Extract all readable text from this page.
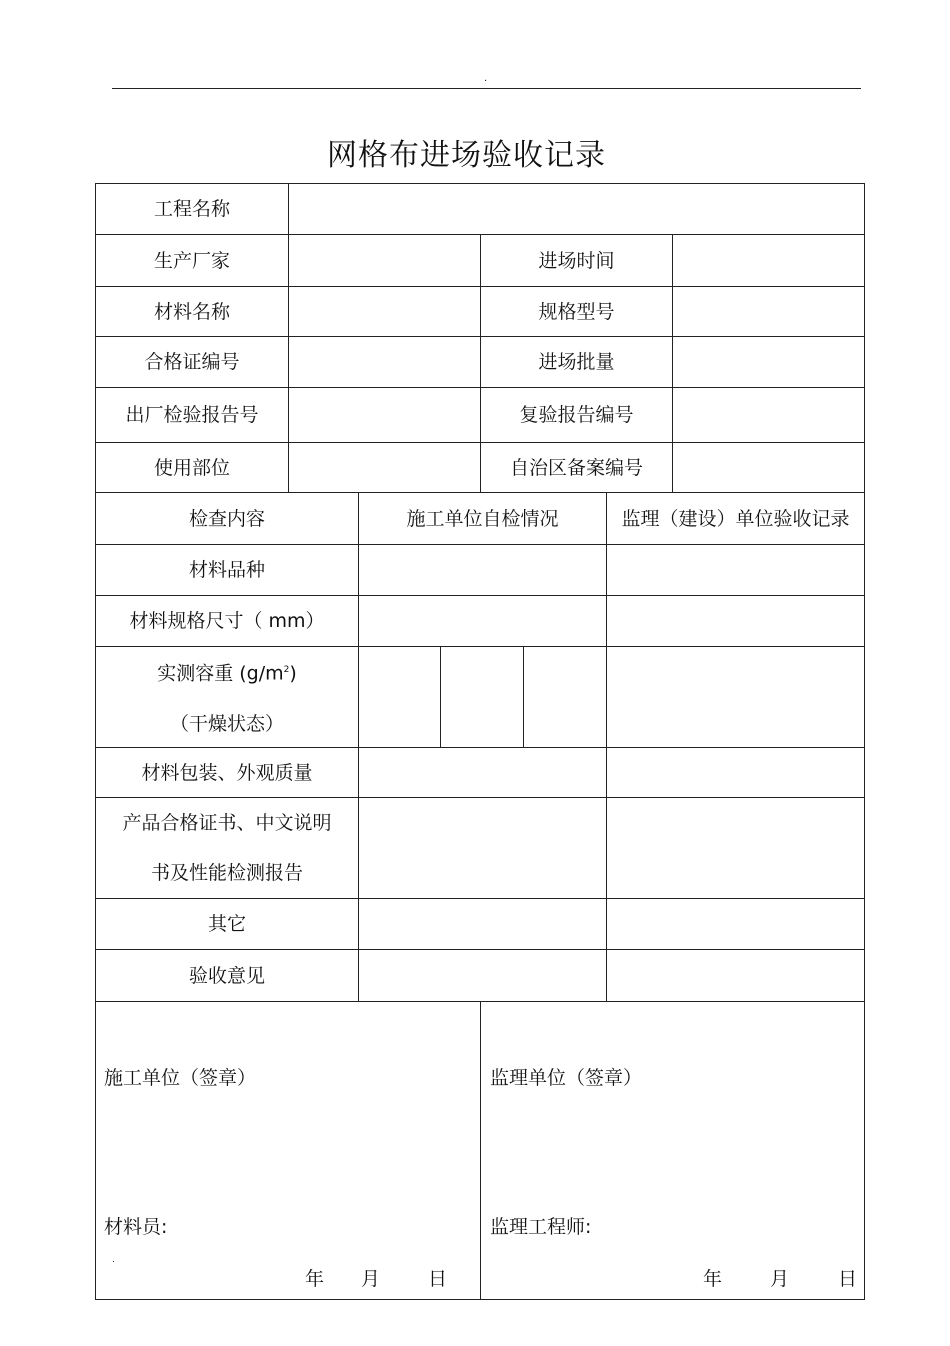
.
网格布进场验收记录
工程名称
生产厂家	进场时间
材料名称	规格型号
合格证编号	进场批量
出厂检验报告号	复验报告编号
使用部位	自治区备案编号
检查内容	施工单位自检情况	监理（建设）单位验收记录
材料品种
材料规格尺寸（ mm）
实测容重 $(g/m^2)$
（干燥状态）
材料包装、外观质量
产品合格证书、中文说明
书及性能检测报告
其它
验收意见
施工单位（签章）	监理单位（签章）
材料员:	监理工程师:
.
年 月	日	年	月	日
